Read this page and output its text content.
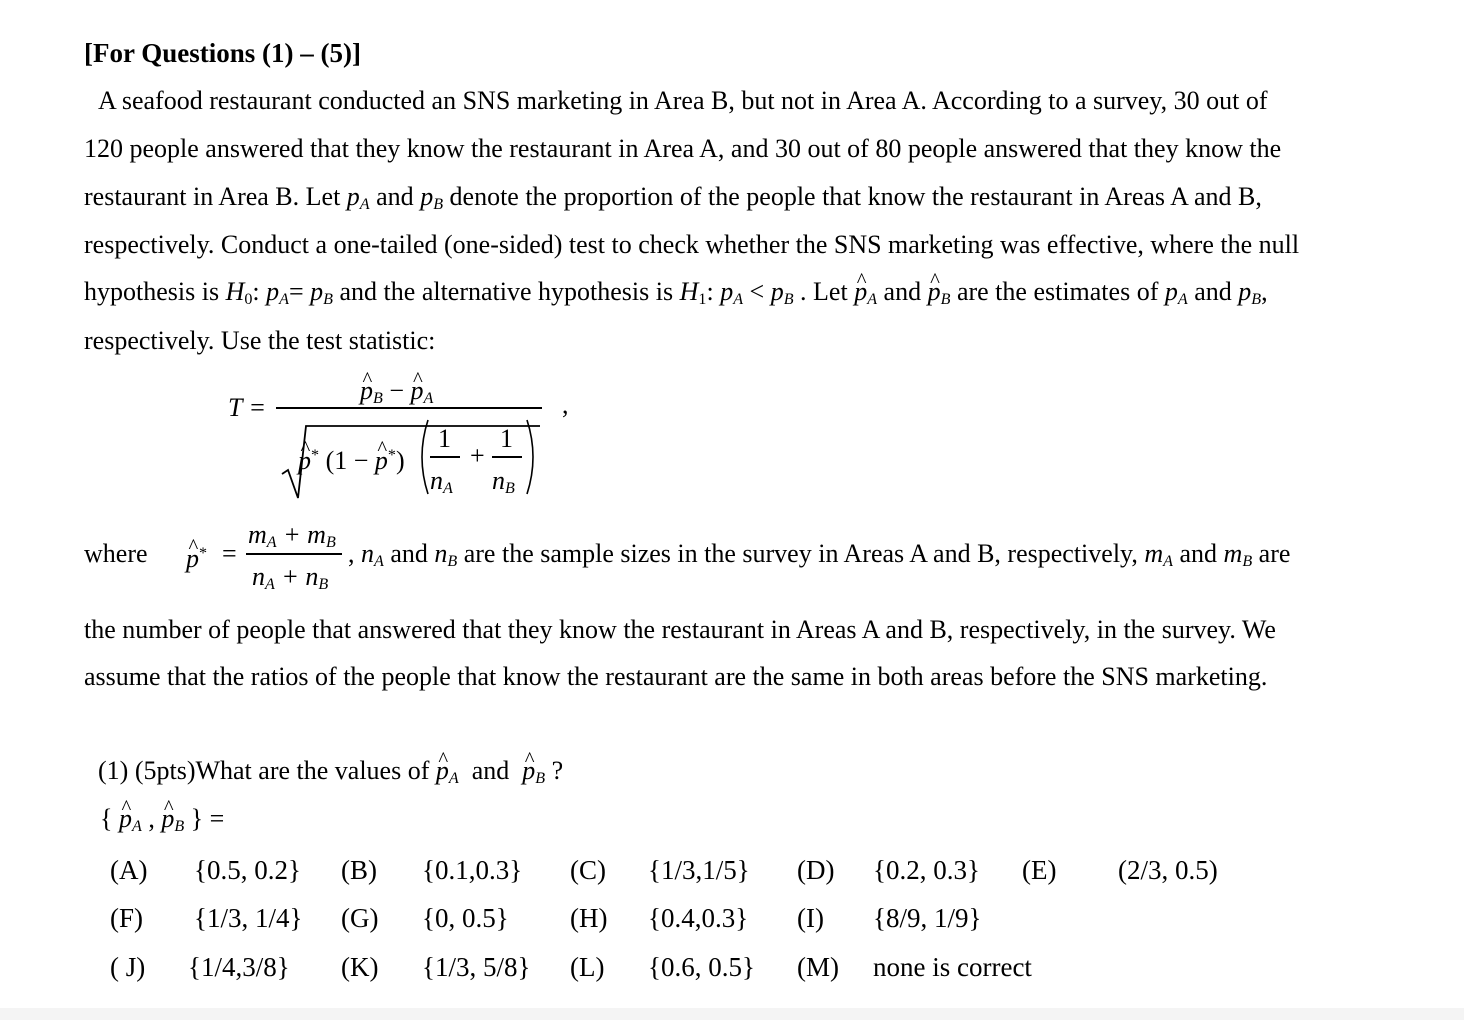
[For Questions (1) – (5)]
A seafood restaurant conducted an SNS marketing in Area B, but not in Area A. According to a survey, 30 out of
120 people answered that they know the restaurant in Area A, and 30 out of 80 people answered that they know the
restaurant in Area B. Let $p_A$ and $p_B$ denote the proportion of the people that know the restaurant in Areas A and B,
respectively. Conduct a one-tailed (one-sided) test to check whether the SNS marketing was effective, where the null
hypothesis is $H_0$: $p_A= p_B$ and the alternative hypothesis is $H_1$: $p_A < p_B$ . Let ^ $p_A$ and ^ $p_B$ are the estimates of $p_A$ and $p_B$,
respectively. Use the test statistic:
T =
^ $p_B$ − ^ $p_A$
^ p* (1 − ^ p*)
1
$n_A$
+
1
$n_B$
,
where
^ p* =
$m_A + m_B$
$n_A + n_B$
, $n_A$ and $n_B$ are the sample sizes in the survey in Areas A and B, respectively, $m_A$ and $m_B$ are
the number of people that answered that they know the restaurant in Areas A and B, respectively, in the survey. We
assume that the ratios of the people that know the restaurant are the same in both areas before the SNS marketing.
(1) (5pts)What are the values of ^ $p_A$  and  ^ $p_B$ ?
{ ^ $p_A$ , ^ $p_B$ } =
(A) {0.5, 0.2} (B) {0.1,0.3} (C) {1/3,1/5} (D) {0.2, 0.3} (E) (2/3, 0.5)
(F) {1/3, 1/4} (G) {0, 0.5} (H) {0.4,0.3} (I) {8/9, 1/9}
( J) {1/4,3/8} (K) {1/3, 5/8} (L) {0.6, 0.5} (M) none is correct
